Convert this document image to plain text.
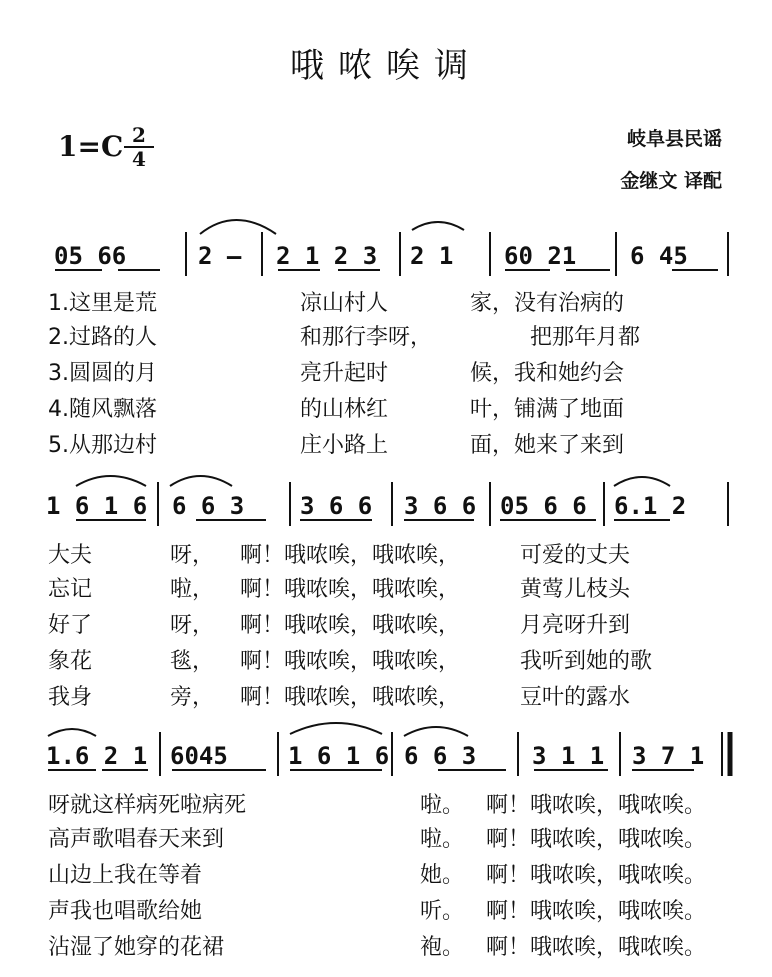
哦哝唉调
$1=C \frac{2}{4}$	岐阜县民谣
金继文 译配
05 66	2 — 2 1 2 3 2 1 60 21 6 45
1 6 1 6 6 6 3 3 6 6 3 6 6 05 6 6 6.1 2
1.6 2 1 6045	1 6 1 6 6 6 3 3 1 1 3 7 1
1.这里是荒	凉山村人	家，没有治病的
2.过路的人	和那行李呀，	把那年月都
3.圆圆的月	亮升起时	候，我和她约会
4.随风飘落	的山林红	叶，铺满了地面
5.从那边村	庄小路上	面，她来了来到
大夫	呀， 啊！哦哝唉，哦哝唉，	可爱的丈夫
忘记	啦， 啊！哦哝唉，哦哝唉，	黄莺儿枝头
好了	呀， 啊！哦哝唉，哦哝唉，	月亮呀升到
象花	毯， 啊！哦哝唉，哦哝唉，	我听到她的歌
我身	旁， 啊！哦哝唉，哦哝唉，	豆叶的露水
呀就这样病死啦病死	啦。 啊！哦哝唉，哦哝唉。
高声歌唱春天来到	啦。 啊！哦哝唉，哦哝唉。
山边上我在等着	她。 啊！哦哝唉，哦哝唉。
声我也唱歌给她	听。 啊！哦哝唉，哦哝唉。
沾湿了她穿的花裙	袍。 啊！哦哝唉，哦哝唉。
